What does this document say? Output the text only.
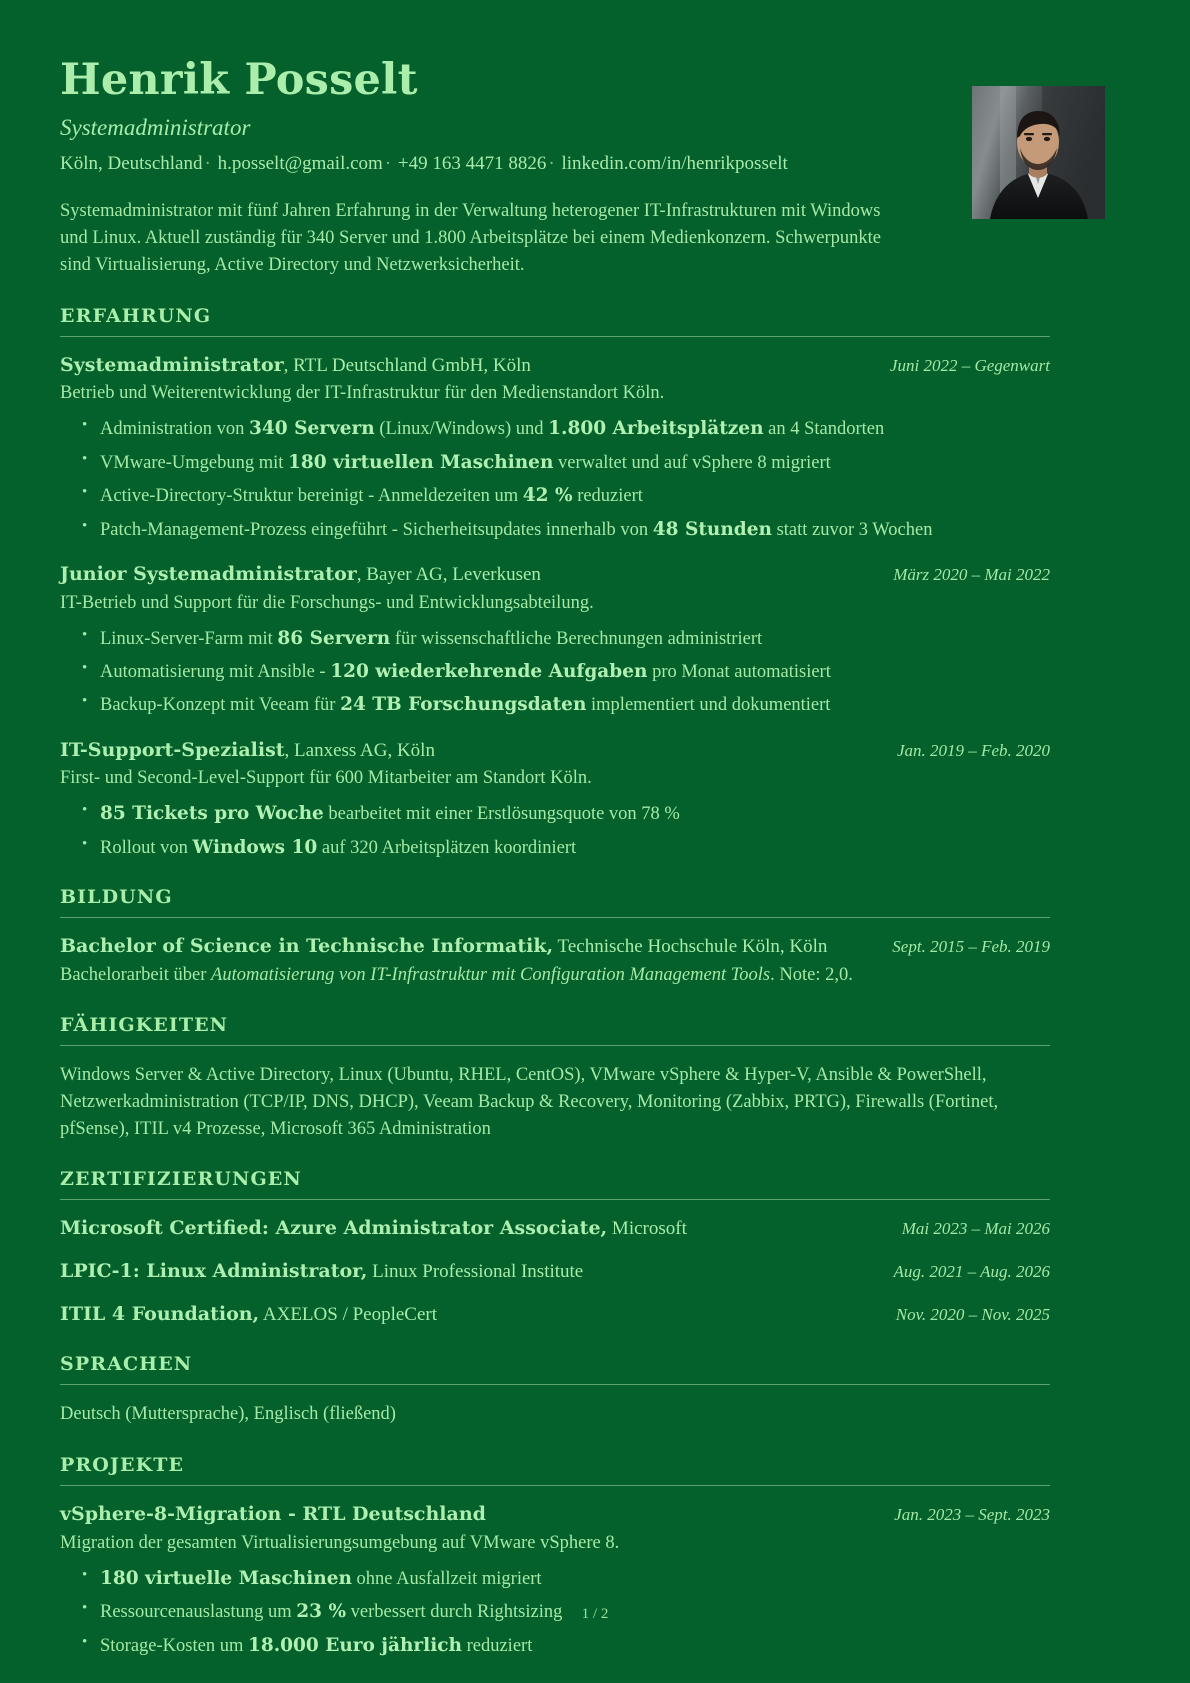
Henrik Posselt
Systemadministrator
Köln, Deutschland · h.posselt@gmail.com · +49 163 4471 8826 · linkedin.com/in/henrikposselt

Systemadministrator mit fünf Jahren Erfahrung in der Verwaltung heterogener IT-Infrastrukturen mit Windows und Linux. Aktuell zuständig für 340 Server und 1.800 Arbeitsplätze bei einem Medienkonzern. Schwerpunkte sind Virtualisierung, Active Directory und Netzwerksicherheit.

ERFAHRUNG
Systemadministrator, RTL Deutschland GmbH, Köln	Juni 2022 – Gegenwart
Betrieb und Weiterentwicklung der IT-Infrastruktur für den Medienstandort Köln.
• Administration von 340 Servern (Linux/Windows) und 1.800 Arbeitsplätzen an 4 Standorten
• VMware-Umgebung mit 180 virtuellen Maschinen verwaltet und auf vSphere 8 migriert
• Active-Directory-Struktur bereinigt - Anmeldezeiten um 42 % reduziert
• Patch-Management-Prozess eingeführt - Sicherheitsupdates innerhalb von 48 Stunden statt zuvor 3 Wochen
Junior Systemadministrator, Bayer AG, Leverkusen	März 2020 – Mai 2022
IT-Betrieb und Support für die Forschungs- und Entwicklungsabteilung.
• Linux-Server-Farm mit 86 Servern für wissenschaftliche Berechnungen administriert
• Automatisierung mit Ansible - 120 wiederkehrende Aufgaben pro Monat automatisiert
• Backup-Konzept mit Veeam für 24 TB Forschungsdaten implementiert und dokumentiert
IT-Support-Spezialist, Lanxess AG, Köln	Jan. 2019 – Feb. 2020
First- und Second-Level-Support für 600 Mitarbeiter am Standort Köln.
• 85 Tickets pro Woche bearbeitet mit einer Erstlösungsquote von 78 %
• Rollout von Windows 10 auf 320 Arbeitsplätzen koordiniert
BILDUNG
Bachelor of Science in Technische Informatik, Technische Hochschule Köln, Köln	Sept. 2015 – Feb. 2019
Bachelorarbeit über Automatisierung von IT-Infrastruktur mit Configuration Management Tools. Note: 2,0.
FÄHIGKEITEN
Windows Server & Active Directory, Linux (Ubuntu, RHEL, CentOS), VMware vSphere & Hyper-V, Ansible & PowerShell, Netzwerkadministration (TCP/IP, DNS, DHCP), Veeam Backup & Recovery, Monitoring (Zabbix, PRTG), Firewalls (Fortinet, pfSense), ITIL v4 Prozesse, Microsoft 365 Administration
ZERTIFIZIERUNGEN
Microsoft Certified: Azure Administrator Associate, Microsoft	Mai 2023 – Mai 2026
LPIC-1: Linux Administrator, Linux Professional Institute	Aug. 2021 – Aug. 2026
ITIL 4 Foundation, AXELOS / PeopleCert	Nov. 2020 – Nov. 2025
SPRACHEN
Deutsch (Muttersprache), Englisch (fließend)
PROJEKTE
vSphere-8-Migration - RTL Deutschland	Jan. 2023 – Sept. 2023
Migration der gesamten Virtualisierungsumgebung auf VMware vSphere 8.
• 180 virtuelle Maschinen ohne Ausfallzeit migriert
• Ressourcenauslastung um 23 % verbessert durch Rightsizing
• Storage-Kosten um 18.000 Euro jährlich reduziert
1 / 2
